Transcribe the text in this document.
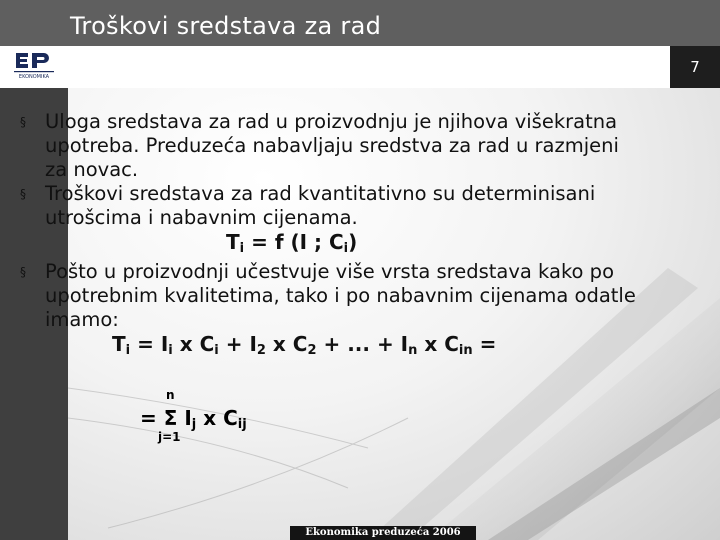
Troškovi sredstava za rad
EKONOMIKA
7
§ Uloga sredstava za rad u proizvodnju je njihova višekratna upotreba. Preduzeća nabavljaju sredstva za rad u razmjeni za novac.
§ Troškovi sredstava za rad kvantitativno su determinisani utrošcima i nabavnim cijenama.
$T_i = f$ (I ; $C_i$)
§ Pošto u proizvodnji učestvuje više vrsta sredstava kako po upotrebnim kvalitetima, tako i po nabavnim cijenama odatle imamo:
$T_i = I_i$ x $C_i + I_2$ x $C_2$ + ... + $I_n$ x $C_{in}$ =
n
= Σ $I_j$ x $C_{ij}$
j=1
Ekonomika preduzeća 2006
